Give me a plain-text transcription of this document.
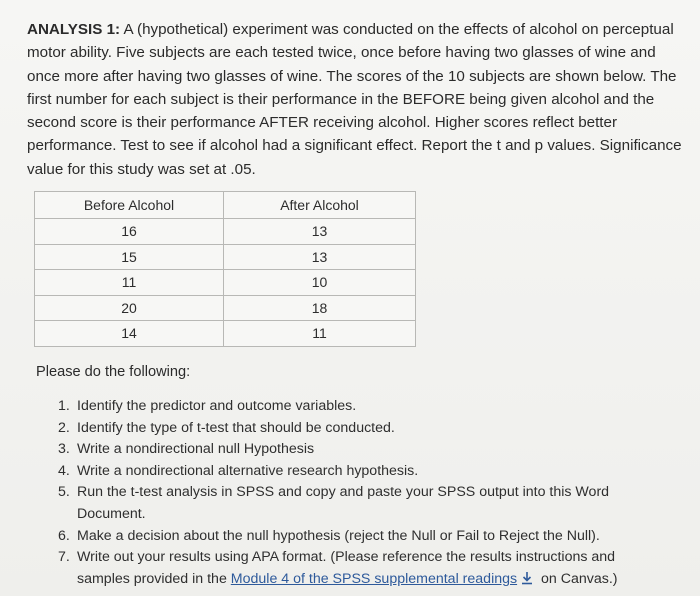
ANALYSIS 1: A (hypothetical) experiment was conducted on the effects of alcohol on perceptual motor ability. Five subjects are each tested twice, once before having two glasses of wine and once more after having two glasses of wine. The scores of the 10 subjects are shown below. The first number for each subject is their performance in the BEFORE being given alcohol and the second score is their performance AFTER receiving alcohol. Higher scores reflect better performance. Test to see if alcohol had a significant effect. Report the t and p values. Significance value for this study was set at .05.

Before Alcohol	After Alcohol
16	13
15	13
11	10
20	18
14	11
Please do the following:
1. Identify the predictor and outcome variables.
2. Identify the type of t-test that should be conducted.
3. Write a nondirectional null Hypothesis
4. Write a nondirectional alternative research hypothesis.
5. Run the t-test analysis in SPSS and copy and paste your SPSS output into this Word Document.
6. Make a decision about the null hypothesis (reject the Null or Fail to Reject the Null).
7. Write out your results using APA format. (Please reference the results instructions and samples provided in the Module 4 of the SPSS supplemental readings on Canvas.)
